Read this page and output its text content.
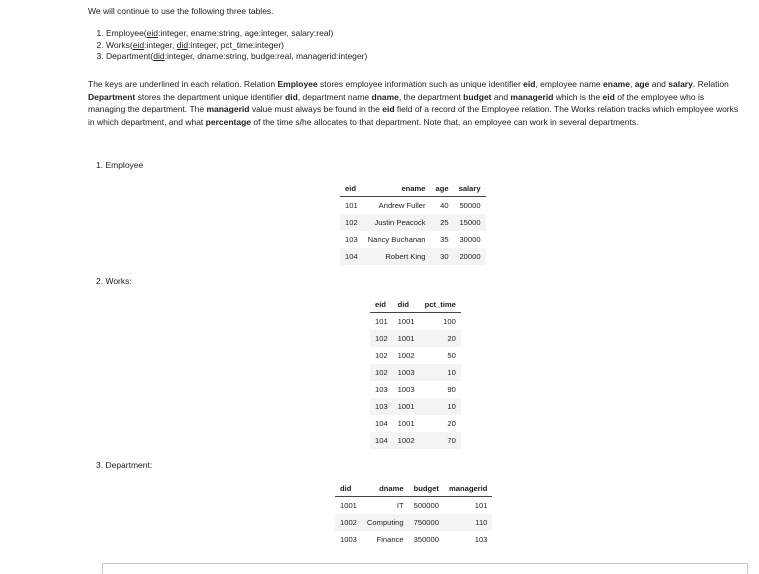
We will continue to use the following three tables.
1. Employee(eid:integer, ename:string, age:integer, salary:real)
2. Works(eid:integer, did:integer, pct_time:integer)
3. Department(did:integer, dname:string, budge:real, managerid:integer)
The keys are underlined in each relation. Relation Employee stores employee information such as unique identifier eid, employee name ename, age and salary. Relation Department stores the department unique identifier did, department name dname, the department budget and managerid which is the eid of the employee who is managing the department. The managerid value must always be found in the eid field of a record of the Employee relation. The Works relation tracks which employee works in which department, and what percentage of the time s/he allocates to that department. Note that, an employee can work in several departments.
1. Employee
eid	ename	age	salary
101	Andrew Fuller	40	50000
102	Justin Peacock	25	15000
103	Nancy Buchanan	35	30000
104	Robert King	30	20000
2. Works:
eid	did	pct_time
101	1001	100
102	1001	20
102	1002	50
102	1003	10
103	1003	90
103	1001	10
104	1001	20
104	1002	70
3. Department:
did	dname	budget	managerid
1001	IT	500000	101
1002	Computing	750000	110
1003	Finance	350000	103
